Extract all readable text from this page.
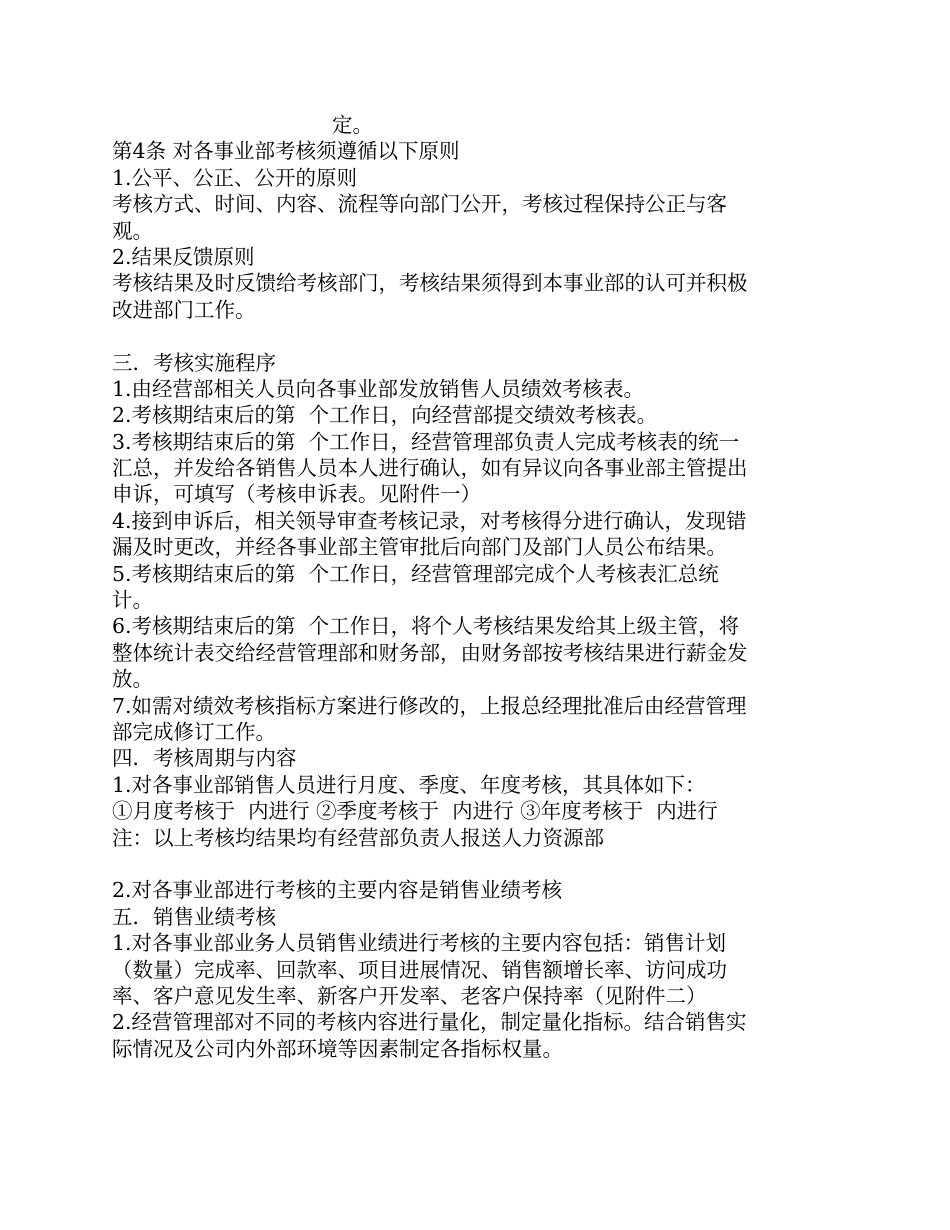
定。
第4条 对各事业部考核须遵循以下原则
1.公平、公正、公开的原则
考核方式、时间、内容、流程等向部门公开，考核过程保持公正与客
观。
2.结果反馈原则
考核结果及时反馈给考核部门，考核结果须得到本事业部的认可并积极
改进部门工作。
三．考核实施程序
1.由经营部相关人员向各事业部发放销售人员绩效考核表。
2.考核期结束后的第  个工作日，向经营部提交绩效考核表。
3.考核期结束后的第  个工作日，经营管理部负责人完成考核表的统一
汇总，并发给各销售人员本人进行确认，如有异议向各事业部主管提出
申诉，可填写（考核申诉表。见附件一）
4.接到申诉后，相关领导审查考核记录，对考核得分进行确认，发现错
漏及时更改，并经各事业部主管审批后向部门及部门人员公布结果。
5.考核期结束后的第  个工作日，经营管理部完成个人考核表汇总统
计。
6.考核期结束后的第  个工作日，将个人考核结果发给其上级主管，将
整体统计表交给经营管理部和财务部，由财务部按考核结果进行薪金发
放。
7.如需对绩效考核指标方案进行修改的，上报总经理批准后由经营管理
部完成修订工作。
四．考核周期与内容
1.对各事业部销售人员进行月度、季度、年度考核，其具体如下：
①月度考核于  内进行 ②季度考核于  内进行 ③年度考核于  内进行
注：以上考核均结果均有经营部负责人报送人力资源部
2.对各事业部进行考核的主要内容是销售业绩考核
五．销售业绩考核
1.对各事业部业务人员销售业绩进行考核的主要内容包括：销售计划
（数量）完成率、回款率、项目进展情况、销售额增长率、访问成功
率、客户意见发生率、新客户开发率、老客户保持率（见附件二）
2.经营管理部对不同的考核内容进行量化，制定量化指标。结合销售实
际情况及公司内外部环境等因素制定各指标权量。
